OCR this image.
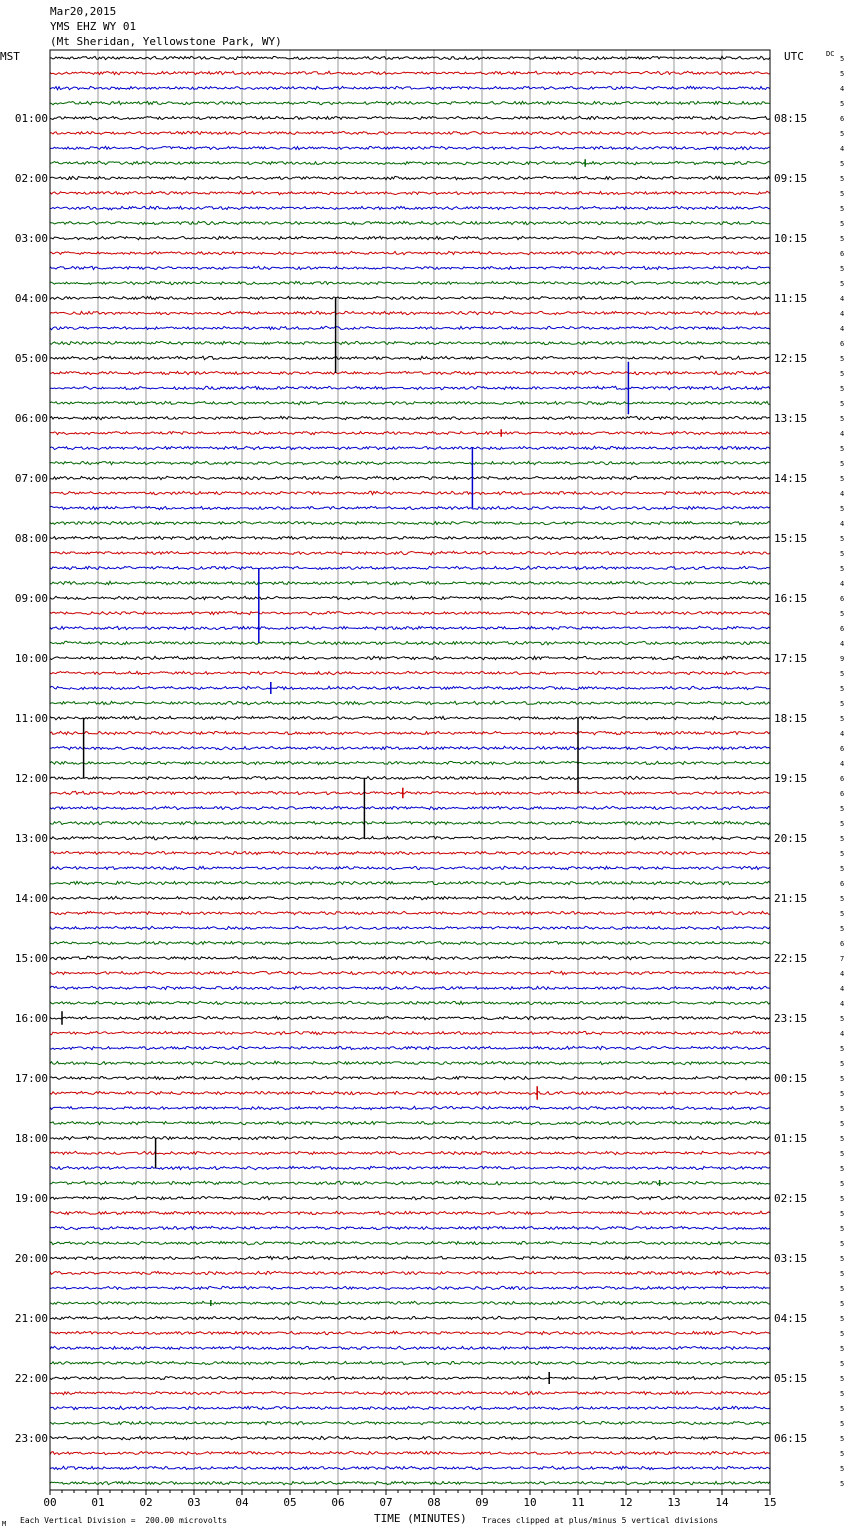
Mar20,2015
YMS EHZ WY 01
(Mt Sheridan, Yellowstone Park, WY)
MST	UTC	DC
00	01	02	03	04	05	06	07	08	09	10	11	12	13	14	15
01:00
02:00
03:00
04:00
05:00
06:00
07:00
08:00
09:00
10:00
11:00
12:00
13:00
14:00
15:00
16:00
17:00
18:00
19:00
20:00
21:00
22:00
23:00
08:15
09:15
10:15
11:15
12:15
13:15
14:15
15:15
16:15
17:15
18:15
19:15
20:15
21:15
22:15
23:15
00:15
01:15
02:15
03:15
04:15
05:15
06:15
5
5
4
5
6
5
4
5
5
5
5
5
5
6
5
5
4
4
4
6
5
5
5
5
5
4
5
5
5
4
5
4
5
5
5
4
6
5
6
4
9
5
5
5
5
4
6
4
6
6
5
5
5
5
5
6
5
5
5
6
7
4
4
4
5
4
5
5
5
5
5
5
5
5
5
5
5
5
5
5
5
5
5
5
5
5
5
5
5
5
5
5
5
5
5
5
M Each Vertical Division =  200.00 microvolts	TIME (MINUTES) Traces clipped at plus/minus 5 vertical divisions
